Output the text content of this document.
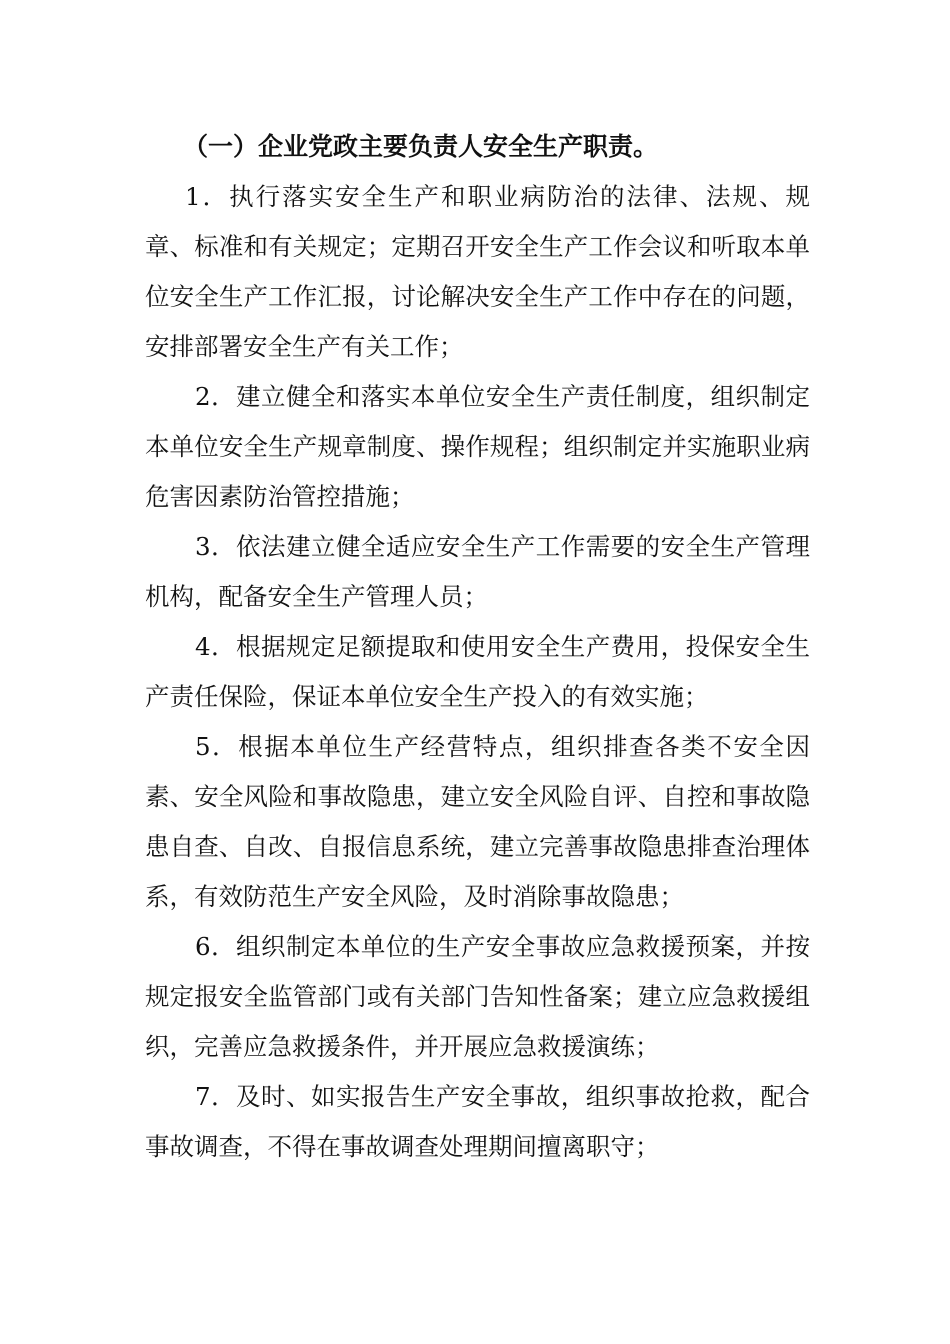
（一）企业党政主要负责人安全生产职责。

1．执行落实安全生产和职业病防治的法律、法规、规章、标准和有关规定；定期召开安全生产工作会议和听取本单位安全生产工作汇报，讨论解决安全生产工作中存在的问题，安排部署安全生产有关工作；

2．建立健全和落实本单位安全生产责任制度，组织制定本单位安全生产规章制度、操作规程；组织制定并实施职业病危害因素防治管控措施；

3．依法建立健全适应安全生产工作需要的安全生产管理机构，配备安全生产管理人员；

4．根据规定足额提取和使用安全生产费用，投保安全生产责任保险，保证本单位安全生产投入的有效实施；

5．根据本单位生产经营特点，组织排查各类不安全因素、安全风险和事故隐患，建立安全风险自评、自控和事故隐患自查、自改、自报信息系统，建立完善事故隐患排查治理体系，有效防范生产安全风险，及时消除事故隐患；

6．组织制定本单位的生产安全事故应急救援预案，并按规定报安全监管部门或有关部门告知性备案；建立应急救援组织，完善应急救援条件，并开展应急救援演练；

7．及时、如实报告生产安全事故，组织事故抢救，配合事故调查，不得在事故调查处理期间擅离职守；
